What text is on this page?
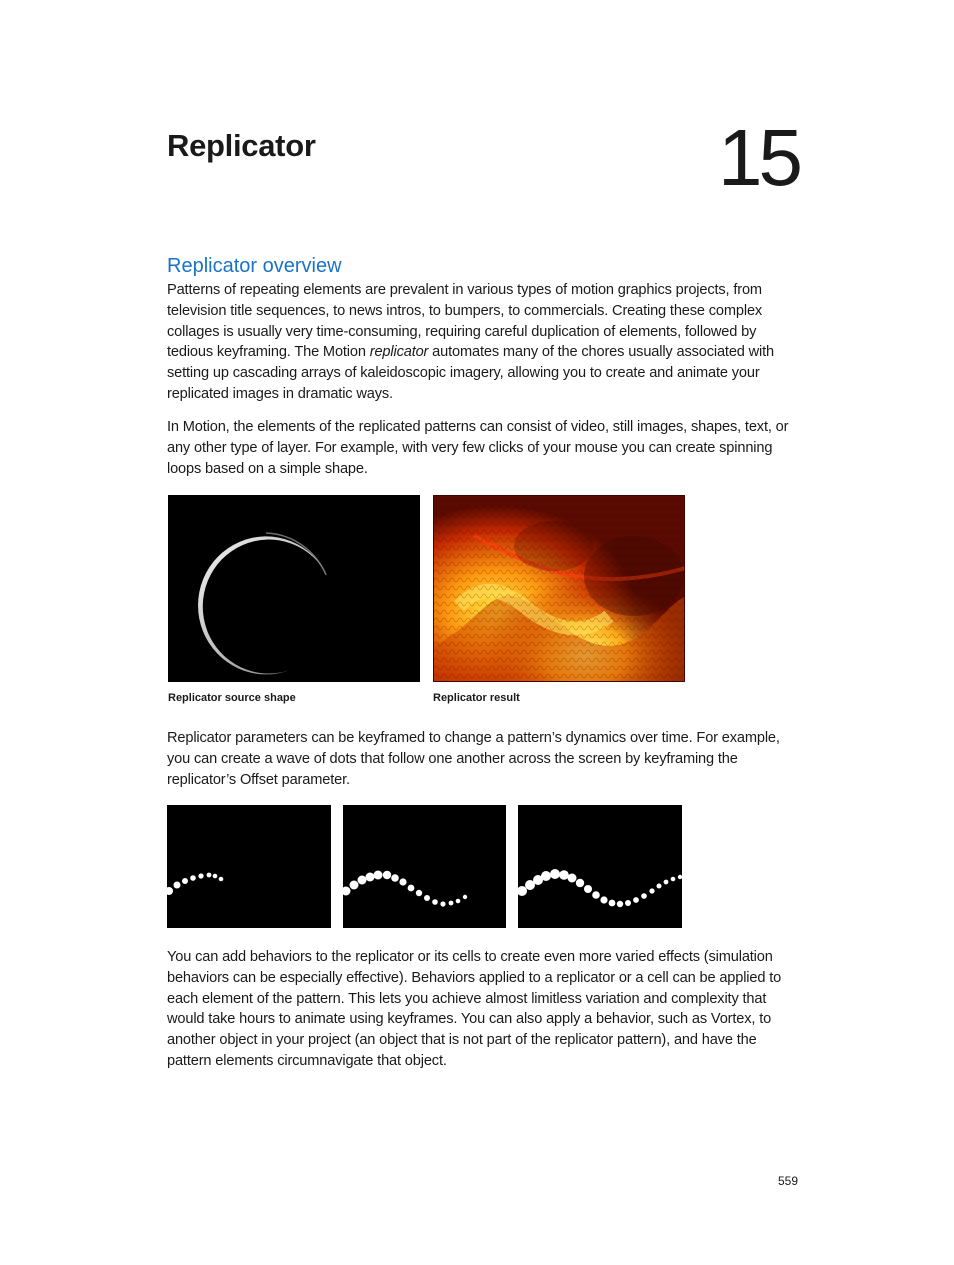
Replicator	15
Replicator overview

Patterns of repeating elements are prevalent in various types of motion graphics projects, from television title sequences, to news intros, to bumpers, to commercials. Creating these complex collages is usually very time-consuming, requiring careful duplication of elements, followed by tedious keyframing. The Motion replicator automates many of the chores usually associated with setting up cascading arrays of kaleidoscopic imagery, allowing you to create and animate your replicated images in dramatic ways.

In Motion, the elements of the replicated patterns can consist of video, still images, shapes, text, or any other type of layer. For example, with very few clicks of your mouse you can create spinning loops based on a simple shape.

Replicator source shape	Replicator result

Replicator parameters can be keyframed to change a pattern’s dynamics over time. For example, you can create a wave of dots that follow one another across the screen by keyframing the replicator’s Offset parameter.

You can add behaviors to the replicator or its cells to create even more varied effects (simulation behaviors can be especially effective). Behaviors applied to a replicator or a cell can be applied to each element of the pattern. This lets you achieve almost limitless variation and complexity that would take hours to animate using keyframes. You can also apply a behavior, such as Vortex, to another object in your project (an object that is not part of the replicator pattern), and have the pattern elements circumnavigate that object.

559
